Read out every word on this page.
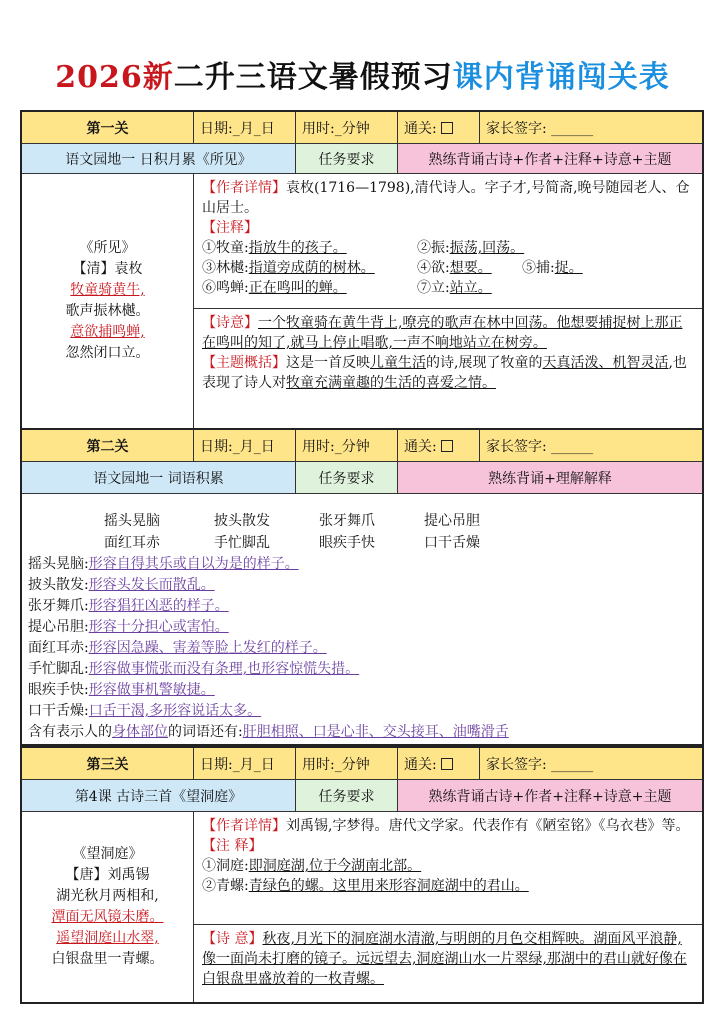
2026新二升三语文暑假预习课内背诵闯关表
第一关	日期:_月_日	用时:_分钟	通关:	家长签字: ______
语文园地一 日积月累《所见》	任务要求	熟练背诵古诗+作者+注释+诗意+主题
《所见》
【清】袁枚
牧童骑黄牛,
歌声振林樾。
意欲捕鸣蝉,
忽然闭口立。
【作者详情】袁枚(1716—1798),清代诗人。字子才,号简斋,晚号随园老人、仓山居士。
【注释】
①牧童:指放牛的孩子。	②振:振荡,回荡。
③林樾:指道旁成荫的树林。	④欲:想要。	⑤捕:捉。
⑥鸣蝉:正在鸣叫的蝉。	⑦立:站立。
【诗意】一个牧童骑在黄牛背上,嘹亮的歌声在林中回荡。他想要捕捉树上那正在鸣叫的知了,就马上停止唱歌,一声不响地站立在树旁。
【主题概括】这是一首反映儿童生活的诗,展现了牧童的天真活泼、机智灵活,也表现了诗人对牧童充满童趣的生活的喜爱之情。
第二关	日期:_月_日	用时:_分钟	通关:	家长签字: ______
语文园地一 词语积累	任务要求	熟练背诵+理解解释
摇头晃脑	披头散发	张牙舞爪	提心吊胆
面红耳赤	手忙脚乱	眼疾手快	口干舌燥
摇头晃脑:形容自得其乐或自以为是的样子。
披头散发:形容头发长而散乱。
张牙舞爪:形容猖狂凶恶的样子。
提心吊胆:形容十分担心或害怕。
面红耳赤:形容因急躁、害羞等脸上发红的样子。
手忙脚乱:形容做事慌张而没有条理,也形容惊慌失措。
眼疾手快:形容做事机警敏捷。
口干舌燥:口舌干渴,多形容说话太多。
含有表示人的身体部位的词语还有:肝胆相照、口是心非、交头接耳、油嘴滑舌
第三关	日期:_月_日	用时:_分钟	通关:	家长签字: ______
第4课 古诗三首《望洞庭》	任务要求	熟练背诵古诗+作者+注释+诗意+主题
《望洞庭》
【唐】刘禹锡
湖光秋月两相和,
潭面无风镜未磨。
遥望洞庭山水翠,
白银盘里一青螺。
【作者详情】刘禹锡,字梦得。唐代文学家。代表作有《陋室铭》《乌衣巷》等。
【注 释】
①洞庭: 即洞庭湖,位于今湖南北部。
②青螺: 青绿色的螺。这里用来形容洞庭湖中的君山。
【诗 意】秋夜,月光下的洞庭湖水清澈,与明朗的月色交相辉映。湖面风平浪静,像一面尚未打磨的镜子。远远望去,洞庭湖山水一片翠绿,那湖中的君山就好像在白银盘里盛放着的一枚青螺。
